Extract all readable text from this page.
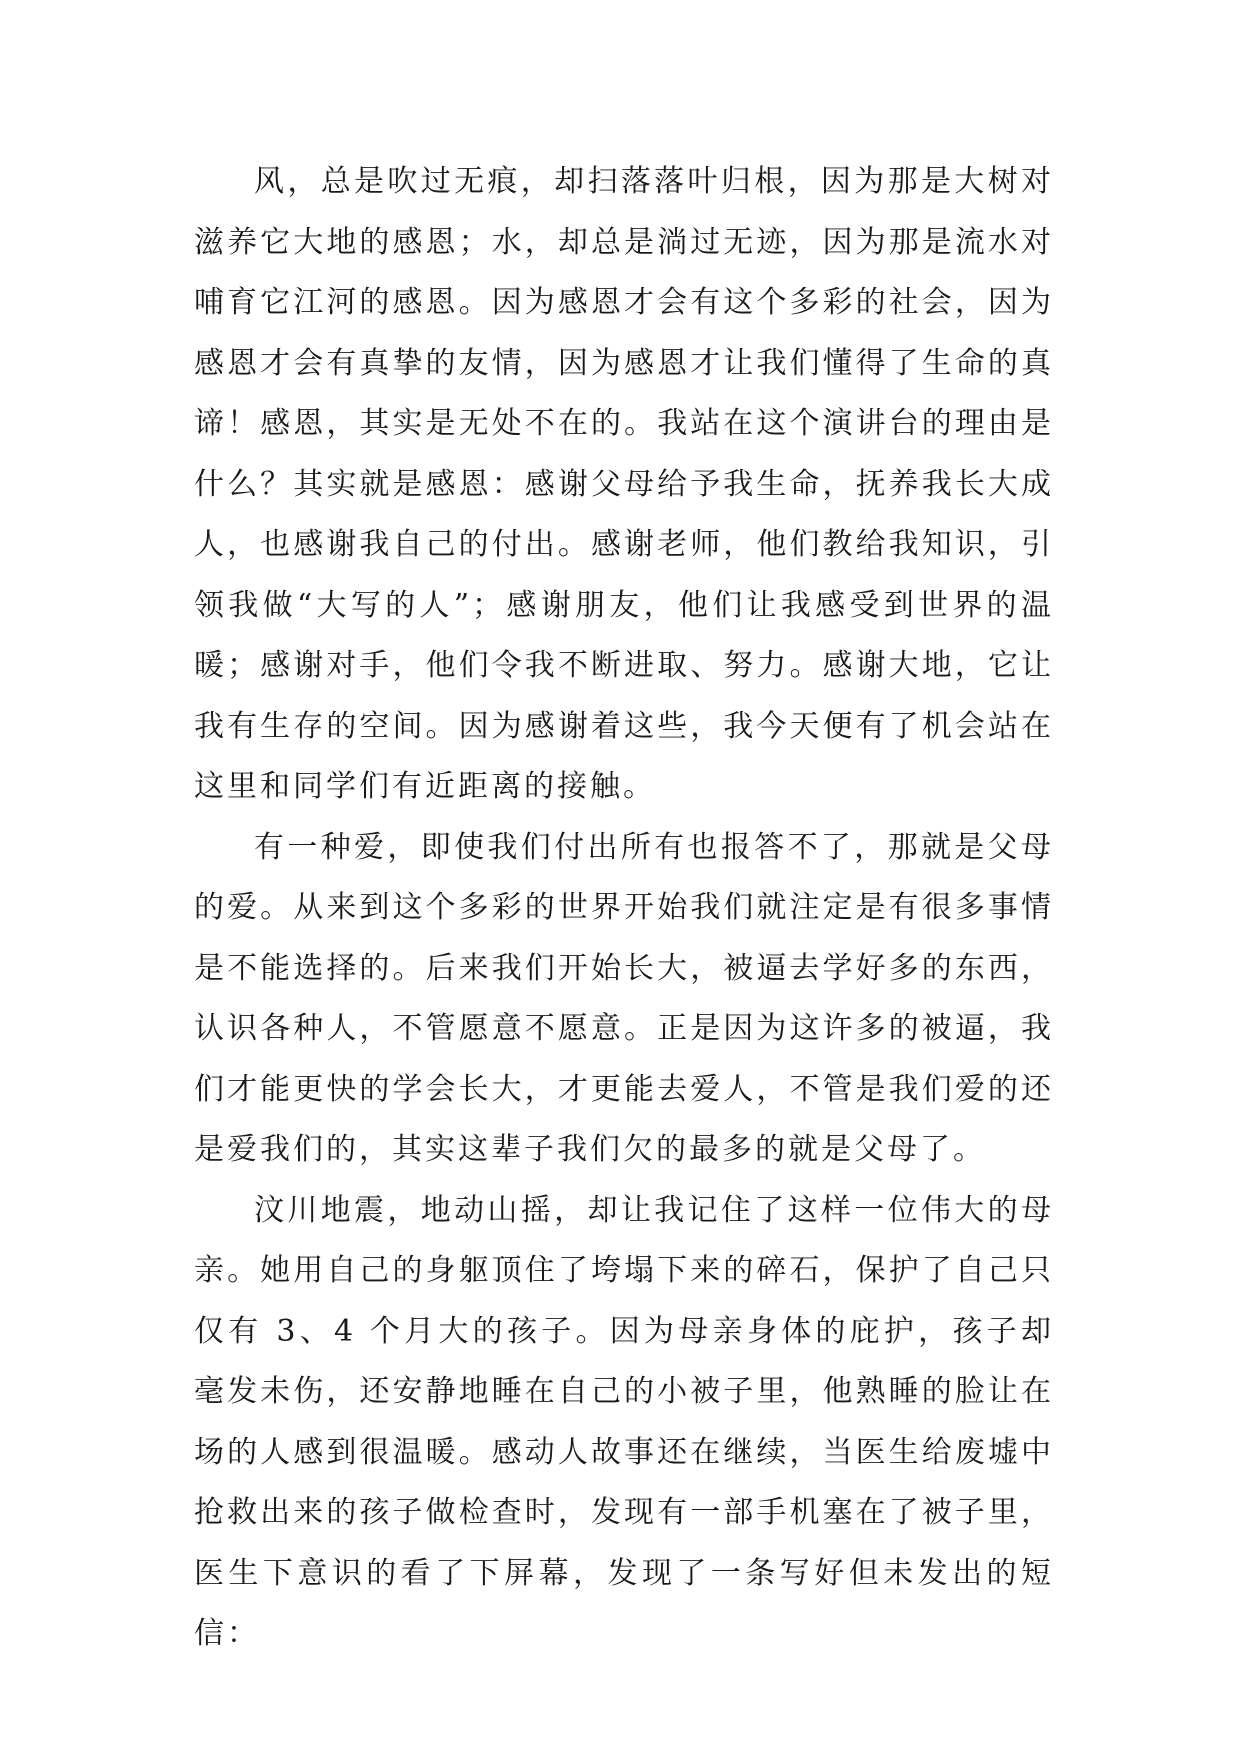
风，总是吹过无痕，却扫落落叶归根，因为那是大树对滋养它大地的感恩；水，却总是淌过无迹，因为那是流水对哺育它江河的感恩。因为感恩才会有这个多彩的社会，因为感恩才会有真挚的友情，因为感恩才让我们懂得了生命的真谛！感恩，其实是无处不在的。我站在这个演讲台的理由是什么？其实就是感恩：感谢父母给予我生命，抚养我长大成人，也感谢我自己的付出。感谢老师，他们教给我知识，引领我做“大写的人”；感谢朋友，他们让我感受到世界的温暖；感谢对手，他们令我不断进取、努力。感谢大地，它让我有生存的空间。因为感谢着这些，我今天便有了机会站在这里和同学们有近距离的接触。

有一种爱，即使我们付出所有也报答不了，那就是父母的爱。从来到这个多彩的世界开始我们就注定是有很多事情是不能选择的。后来我们开始长大，被逼去学好多的东西，认识各种人，不管愿意不愿意。正是因为这许多的被逼，我们才能更快的学会长大，才更能去爱人，不管是我们爱的还是爱我们的，其实这辈子我们欠的最多的就是父母了。

汶川地震，地动山摇，却让我记住了这样一位伟大的母亲。她用自己的身躯顶住了垮塌下来的碎石，保护了自己只仅有 3、4 个月大的孩子。因为母亲身体的庇护，孩子却毫发未伤，还安静地睡在自己的小被子里，他熟睡的脸让在场的人感到很温暖。感动人故事还在继续，当医生给废墟中抢救出来的孩子做检查时，发现有一部手机塞在了被子里，医生下意识的看了下屏幕，发现了一条写好但未发出的短信：
